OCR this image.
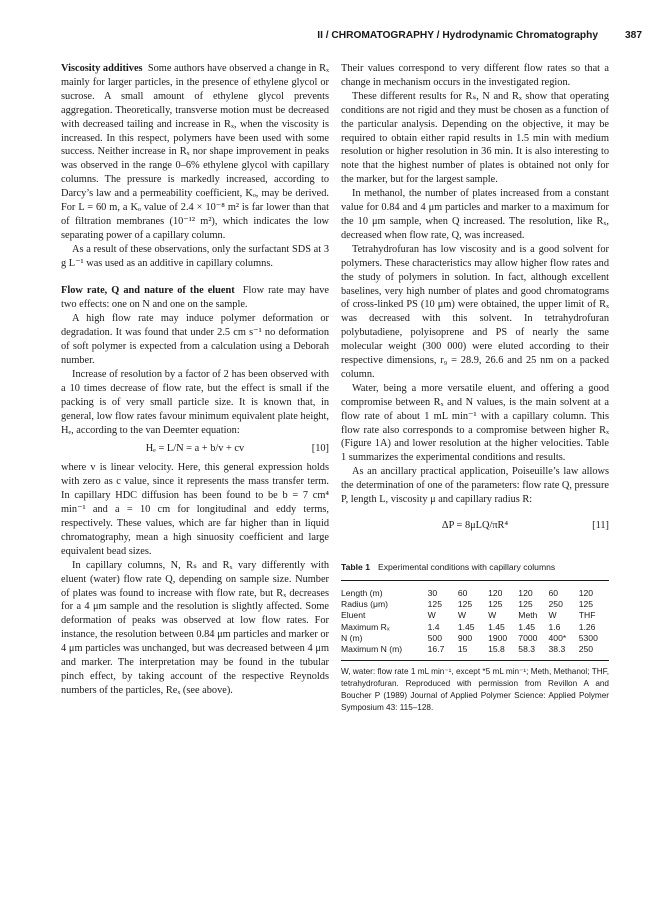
II / CHROMATOGRAPHY / Hydrodynamic Chromatography	387

Viscosity additives Some authors have observed a change in Rₓ mainly for larger particles, in the presence of ethylene glycol or sucrose. A small amount of ethylene glycol prevents aggregation. Theoretically, transverse motion must be decreased with decreased tailing and increase in Rₓ, when the viscosity is increased. In this respect, polymers have been used with some success. Neither increase in Rₓ nor shape improvement in peaks was observed in the range 0–6% ethylene glycol with capillary columns. The pressure is markedly increased, according to Darcy’s law and a permeability coefficient, Kₒ, may be derived. For L = 60 m, a Kₒ value of 2.4 × 10⁻⁸ m² is far lower than that of filtration membranes (10⁻¹² m²), which indicates the low separating power of a capillary column.

As a result of these observations, only the surfactant SDS at 3 g L⁻¹ was used as an additive in capillary columns.

Flow rate, Q and nature of the eluent Flow rate may have two effects: one on N and one on the sample.

A high flow rate may induce polymer deformation or degradation. It was found that under 2.5 cm s⁻¹ no deformation of soft polymer is expected from a calculation using a Deborah number.

Increase of resolution by a factor of 2 has been observed with a 10 times decrease of flow rate, but the effect is small if the packing is of very small particle size. It is known that, in general, low flow rates favour minimum equivalent plate height, Hₑ, according to the van Deemter equation:

Hₑ = L/N = a + b/v + cv	[10]

where v is linear velocity. Here, this general expression holds with zero as c value, since it represents the mass transfer term. In capillary HDC diffusion has been found to be b = 7 cm⁴ min⁻¹ and a = 10 cm for longitudinal and eddy terms, respectively. These values, which are far higher than in liquid chromatography, mean a high sinuosity coefficient and large equivalent bead sizes.

In capillary columns, N, Rₛ and Rₓ vary differently with eluent (water) flow rate Q, depending on sample size. Number of plates was found to increase with flow rate, but Rₓ decreases for a 4 μm sample and the resolution is slightly affected. Some deformation of peaks was observed at low flow rates. For instance, the resolution between 0.84 μm particles and marker or 4 μm particles was unchanged, but was decreased between 4 μm and marker. The interpretation may be found in the tubular pinch effect, by taking account of the respective Reynolds numbers of the particles, Reₓ (see above).

Their values correspond to very different flow rates so that a change in mechanism occurs in the investigated region.

These different results for Rₛ, N and Rₓ show that operating conditions are not rigid and they must be chosen as a function of the particular analysis. Depending on the objective, it may be required to obtain either rapid results in 1.5 min with medium resolution or higher resolution in 36 min. It is also interesting to note that the highest number of plates is obtained not only for the marker, but for the largest sample.

In methanol, the number of plates increased from a constant value for 0.84 and 4 μm particles and marker to a maximum for the 10 μm sample, when Q increased. The resolution, like Rₓ, decreased when flow rate, Q, was increased.

Tetrahydrofuran has low viscosity and is a good solvent for polymers. These characteristics may allow higher flow rates and the study of polymers in solution. In fact, although excellent baselines, very high number of plates and good chromatograms of cross-linked PS (10 μm) were obtained, the upper limit of Rₓ was decreased with this solvent. In tetrahydrofuran polybutadiene, polyisoprene and PS of nearly the same molecular weight (300 000) were eluted according to their respective dimensions, r₉ = 28.9, 26.6 and 25 nm on a packed column.

Water, being a more versatile eluent, and offering a good compromise between Rₓ and N values, is the main solvent at a flow rate of about 1 mL min⁻¹ with a capillary column. This flow rate also corresponds to a compromise between higher Rₓ (Figure 1A) and lower resolution at the higher velocities. Table 1 summarizes the experimental conditions and results.

As an ancillary practical application, Poiseuille’s law allows the determination of one of the parameters: flow rate Q, pressure P, length L, viscosity μ and capillary radius R:

ΔP = 8μLQ/πR⁴	[11]
Table 1 Experimental conditions with capillary columns
Length (m)	30	60	120	120	60	120
Radius (μm)	125	125	125	125	250	125
Eluent	W	W	W	Meth	W	THF
Maximum Rₓ	1.4	1.45	1.45	1.45	1.6	1.26
N (m)	500	900	1900	7000	400*	5300
Maximum N (m)	16.7	15	15.8	58.3	38.3	250

W, water: flow rate 1 mL min⁻¹, except *5 mL min⁻¹; Meth, Methanol; THF, tetrahydrofuran. Reproduced with permission from Revillon A and Boucher P (1989) Journal of Applied Polymer Science: Applied Polymer Symposium 43: 115–128.
